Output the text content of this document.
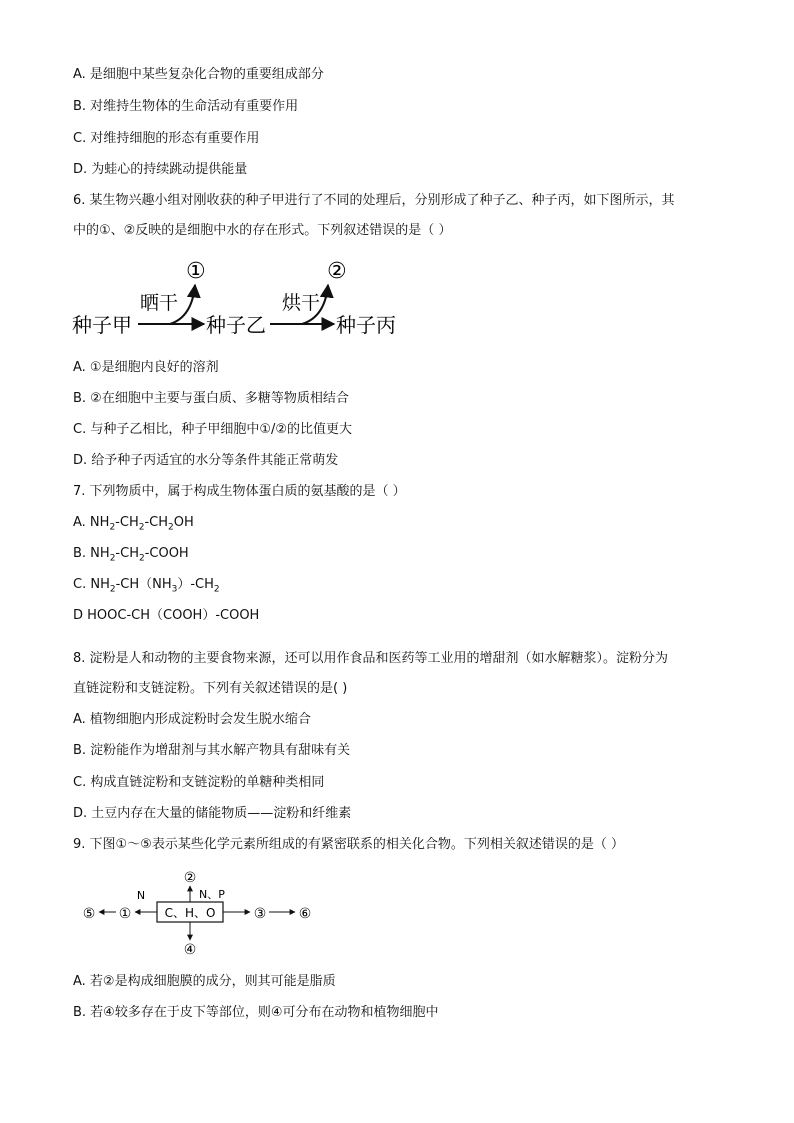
A. 是细胞中某些复杂化合物的重要组成部分
B. 对维持生物体的生命活动有重要作用
C. 对维持细胞的形态有重要作用
D. 为蛙心的持续跳动提供能量
6. 某生物兴趣小组对刚收获的种子甲进行了不同的处理后，分别形成了种子乙、种子丙，如下图所示，其
中的①、②反映的是细胞中水的存在形式。下列叙述错误的是（ ）
种子甲	种子乙	种子丙
晒干	烘干
①	②
A. ①是细胞内良好的溶剂
B. ②在细胞中主要与蛋白质、多糖等物质相结合
C. 与种子乙相比，种子甲细胞中①/②的比值更大
D. 给予种子丙适宜的水分等条件其能正常萌发
7. 下列物质中，属于构成生物体蛋白质的氨基酸的是（ ）
A. $NH_2-CH_2-CH_2OH$
B. $NH_2-CH_2$-COOH
C. $NH_2-CH(NH_3)-CH_2$
D HOOC-CH（COOH）-COOH
8. 淀粉是人和动物的主要食物来源，还可以用作食品和医药等工业用的增甜剂（如水解糖浆）。淀粉分为
直链淀粉和支链淀粉。下列有关叙述错误的是( )
A. 植物细胞内形成淀粉时会发生脱水缩合
B. 淀粉能作为增甜剂与其水解产物具有甜味有关
C. 构成直链淀粉和支链淀粉的单糖种类相同
D. 土豆内存在大量的储能物质——淀粉和纤维素
9. 下图①～⑤表示某些化学元素所组成的有紧密联系的相关化合物。下列相关叙述错误的是（ ）
C、H、O
⑤ ①	③ ⑥
②
④
N	N、P
A. 若②是构成细胞膜的成分，则其可能是脂质
B. 若④较多存在于皮下等部位，则④可分布在动物和植物细胞中
